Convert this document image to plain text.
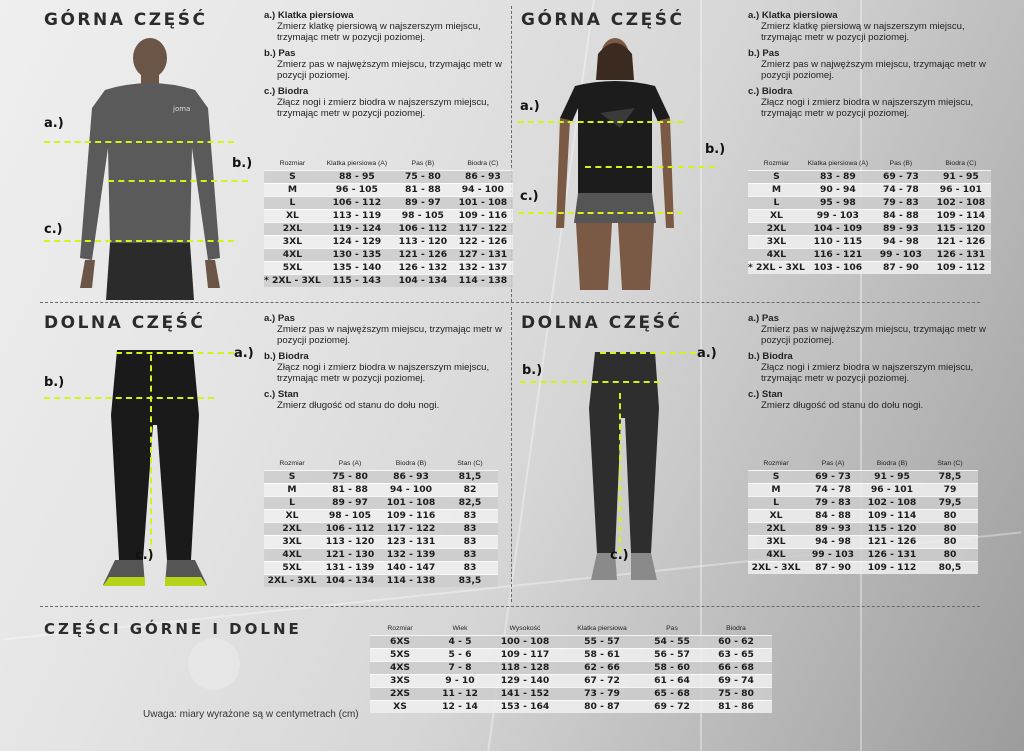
GÓRNA CZĘŚĆ
joma
a.)
b.)
c.)
a.) Klatka piersiowa
Zmierz klatkę piersiową w najszerszym miejscu, trzymając metr w pozycji poziomej.
b.) Pas
Zmierz pas w najwęższym miejscu, trzymając metr w pozycji poziomej.
c.) Biodra
Złącz nogi i zmierz biodra w najszerszym miejscu, trzymając metr w pozycji poziomej.
Rozmiar	Klatka piersiowa (A)	Pas (B)	Biodra (C)
S	88 - 95	75 - 80	86 - 93
M	96 - 105	81 - 88	94 - 100
L	106 - 112	89 - 97	101 - 108
XL	113 - 119	98 - 105	109 - 116
2XL	119 - 124	106 - 112	117 - 122
3XL	124 - 129	113 - 120	122 - 126
4XL	130 - 135	121 - 126	127 - 131
5XL	135 - 140	126 - 132	132 - 137
* 2XL - 3XL	115 - 143	104 - 134	114 - 138
GÓRNA CZĘŚĆ
a.)
b.)
c.)
a.) Klatka piersiowa
Zmierz klatkę piersiową w najszerszym miejscu, trzymając metr w pozycji poziomej.
b.) Pas
Zmierz pas w najwęższym miejscu, trzymając metr w pozycji poziomej.
c.) Biodra
Złącz nogi i zmierz biodra w najszerszym miejscu, trzymając metr w pozycji poziomej.
Rozmiar	Klatka piersiowa (A)	Pas (B)	Biodra (C)
S	83 - 89	69 - 73	91 - 95
M	90 - 94	74 - 78	96 - 101
L	95 - 98	79 - 83	102 - 108
XL	99 - 103	84 - 88	109 - 114
2XL	104 - 109	89 - 93	115 - 120
3XL	110 - 115	94 - 98	121 - 126
4XL	116 - 121	99 - 103	126 - 131
* 2XL - 3XL	103 - 106	87 - 90	109 - 112
DOLNA CZĘŚĆ
a.)
b.)
c.)
a.) Pas
Zmierz pas w najwęższym miejscu, trzymając metr w pozycji poziomej.
b.) Biodra
Złącz nogi i zmierz biodra w najszerszym miejscu, trzymając metr w pozycji poziomej.
c.) Stan
Zmierz długość od stanu do dołu nogi.
Rozmiar	Pas (A)	Biodra (B)	Stan (C)
S	75 - 80	86 - 93	81,5
M	81 - 88	94 - 100	82
L	89 - 97	101 - 108	82,5
XL	98 - 105	109 - 116	83
2XL	106 - 112	117 - 122	83
3XL	113 - 120	123 - 131	83
4XL	121 - 130	132 - 139	83
5XL	131 - 139	140 - 147	83
2XL - 3XL	104 - 134	114 - 138	83,5
DOLNA CZĘŚĆ
a.)
b.)
c.)
a.) Pas
Zmierz pas w najwęższym miejscu, trzymając metr w pozycji poziomej.
b.) Biodra
Złącz nogi i zmierz biodra w najszerszym miejscu, trzymając metr w pozycji poziomej.
c.) Stan
Zmierz długość od stanu do dołu nogi.
Rozmiar	Pas (A)	Biodra (B)	Stan (C)
S	69 - 73	91 - 95	78,5
M	74 - 78	96 - 101	79
L	79 - 83	102 - 108	79,5
XL	84 - 88	109 - 114	80
2XL	89 - 93	115 - 120	80
3XL	94 - 98	121 - 126	80
4XL	99 - 103	126 - 131	80
2XL - 3XL	87 - 90	109 - 112	80,5
CZĘŚCI GÓRNE I DOLNE
Uwaga: miary wyrażone są w centymetrach (cm)
Rozmiar	Wiek	Wysokość	Klatka piersiowa	Pas	Biodra
6XS	4 - 5	100 - 108	55 - 57	54 - 55	60 - 62
5XS	5 - 6	109 - 117	58 - 61	56 - 57	63 - 65
4XS	7 - 8	118 - 128	62 - 66	58 - 60	66 - 68
3XS	9 - 10	129 - 140	67 - 72	61 - 64	69 - 74
2XS	11 - 12	141 - 152	73 - 79	65 - 68	75 - 80
XS	12 - 14	153 - 164	80 - 87	69 - 72	81 - 86
